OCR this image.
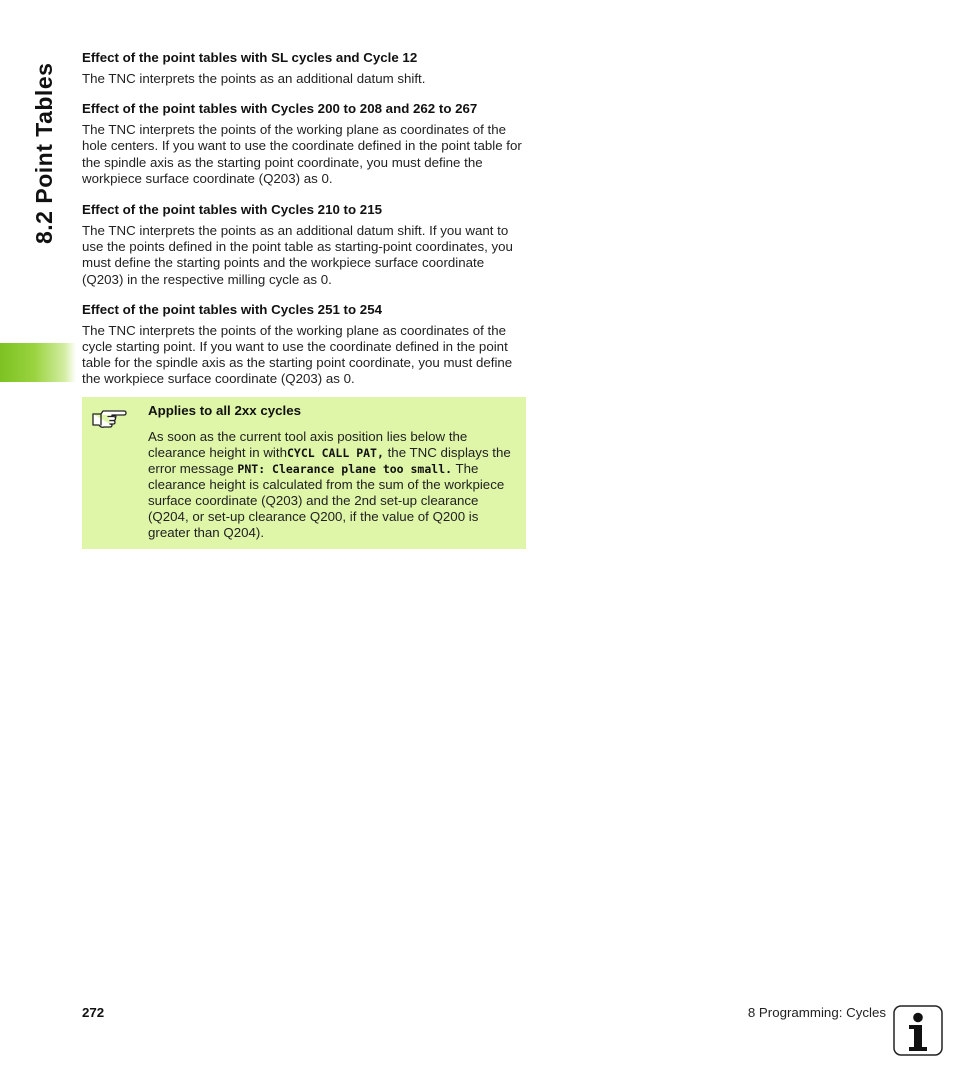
8.2 Point Tables
Effect of the point tables with SL cycles and Cycle 12

The TNC interprets the points as an additional datum shift.

Effect of the point tables with Cycles 200 to 208 and 262 to 267

The TNC interprets the points of the working plane as coordinates of the hole centers. If you want to use the coordinate defined in the point table for the spindle axis as the starting point coordinate, you must define the workpiece surface coordinate (Q203) as 0.

Effect of the point tables with Cycles 210 to 215

The TNC interprets the points as an additional datum shift. If you want to use the points defined in the point table as starting-point coordinates, you must define the starting points and the workpiece surface coordinate (Q203) in the respective milling cycle as 0.

Effect of the point tables with Cycles 251 to 254

The TNC interprets the points of the working plane as coordinates of the cycle starting point. If you want to use the coordinate defined in the point table for the spindle axis as the starting point coordinate, you must define the workpiece surface coordinate (Q203) as 0.

Applies to all 2xx cycles
As soon as the current tool axis position lies below the clearance height in withCYCL CALL PAT, the TNC displays the error message PNT: Clearance plane too small. The clearance height is calculated from the sum of the workpiece surface coordinate (Q203) and the 2nd set-up clearance (Q204, or set-up clearance Q200, if the value of Q200 is greater than Q204).
272	8 Programming: Cycles
